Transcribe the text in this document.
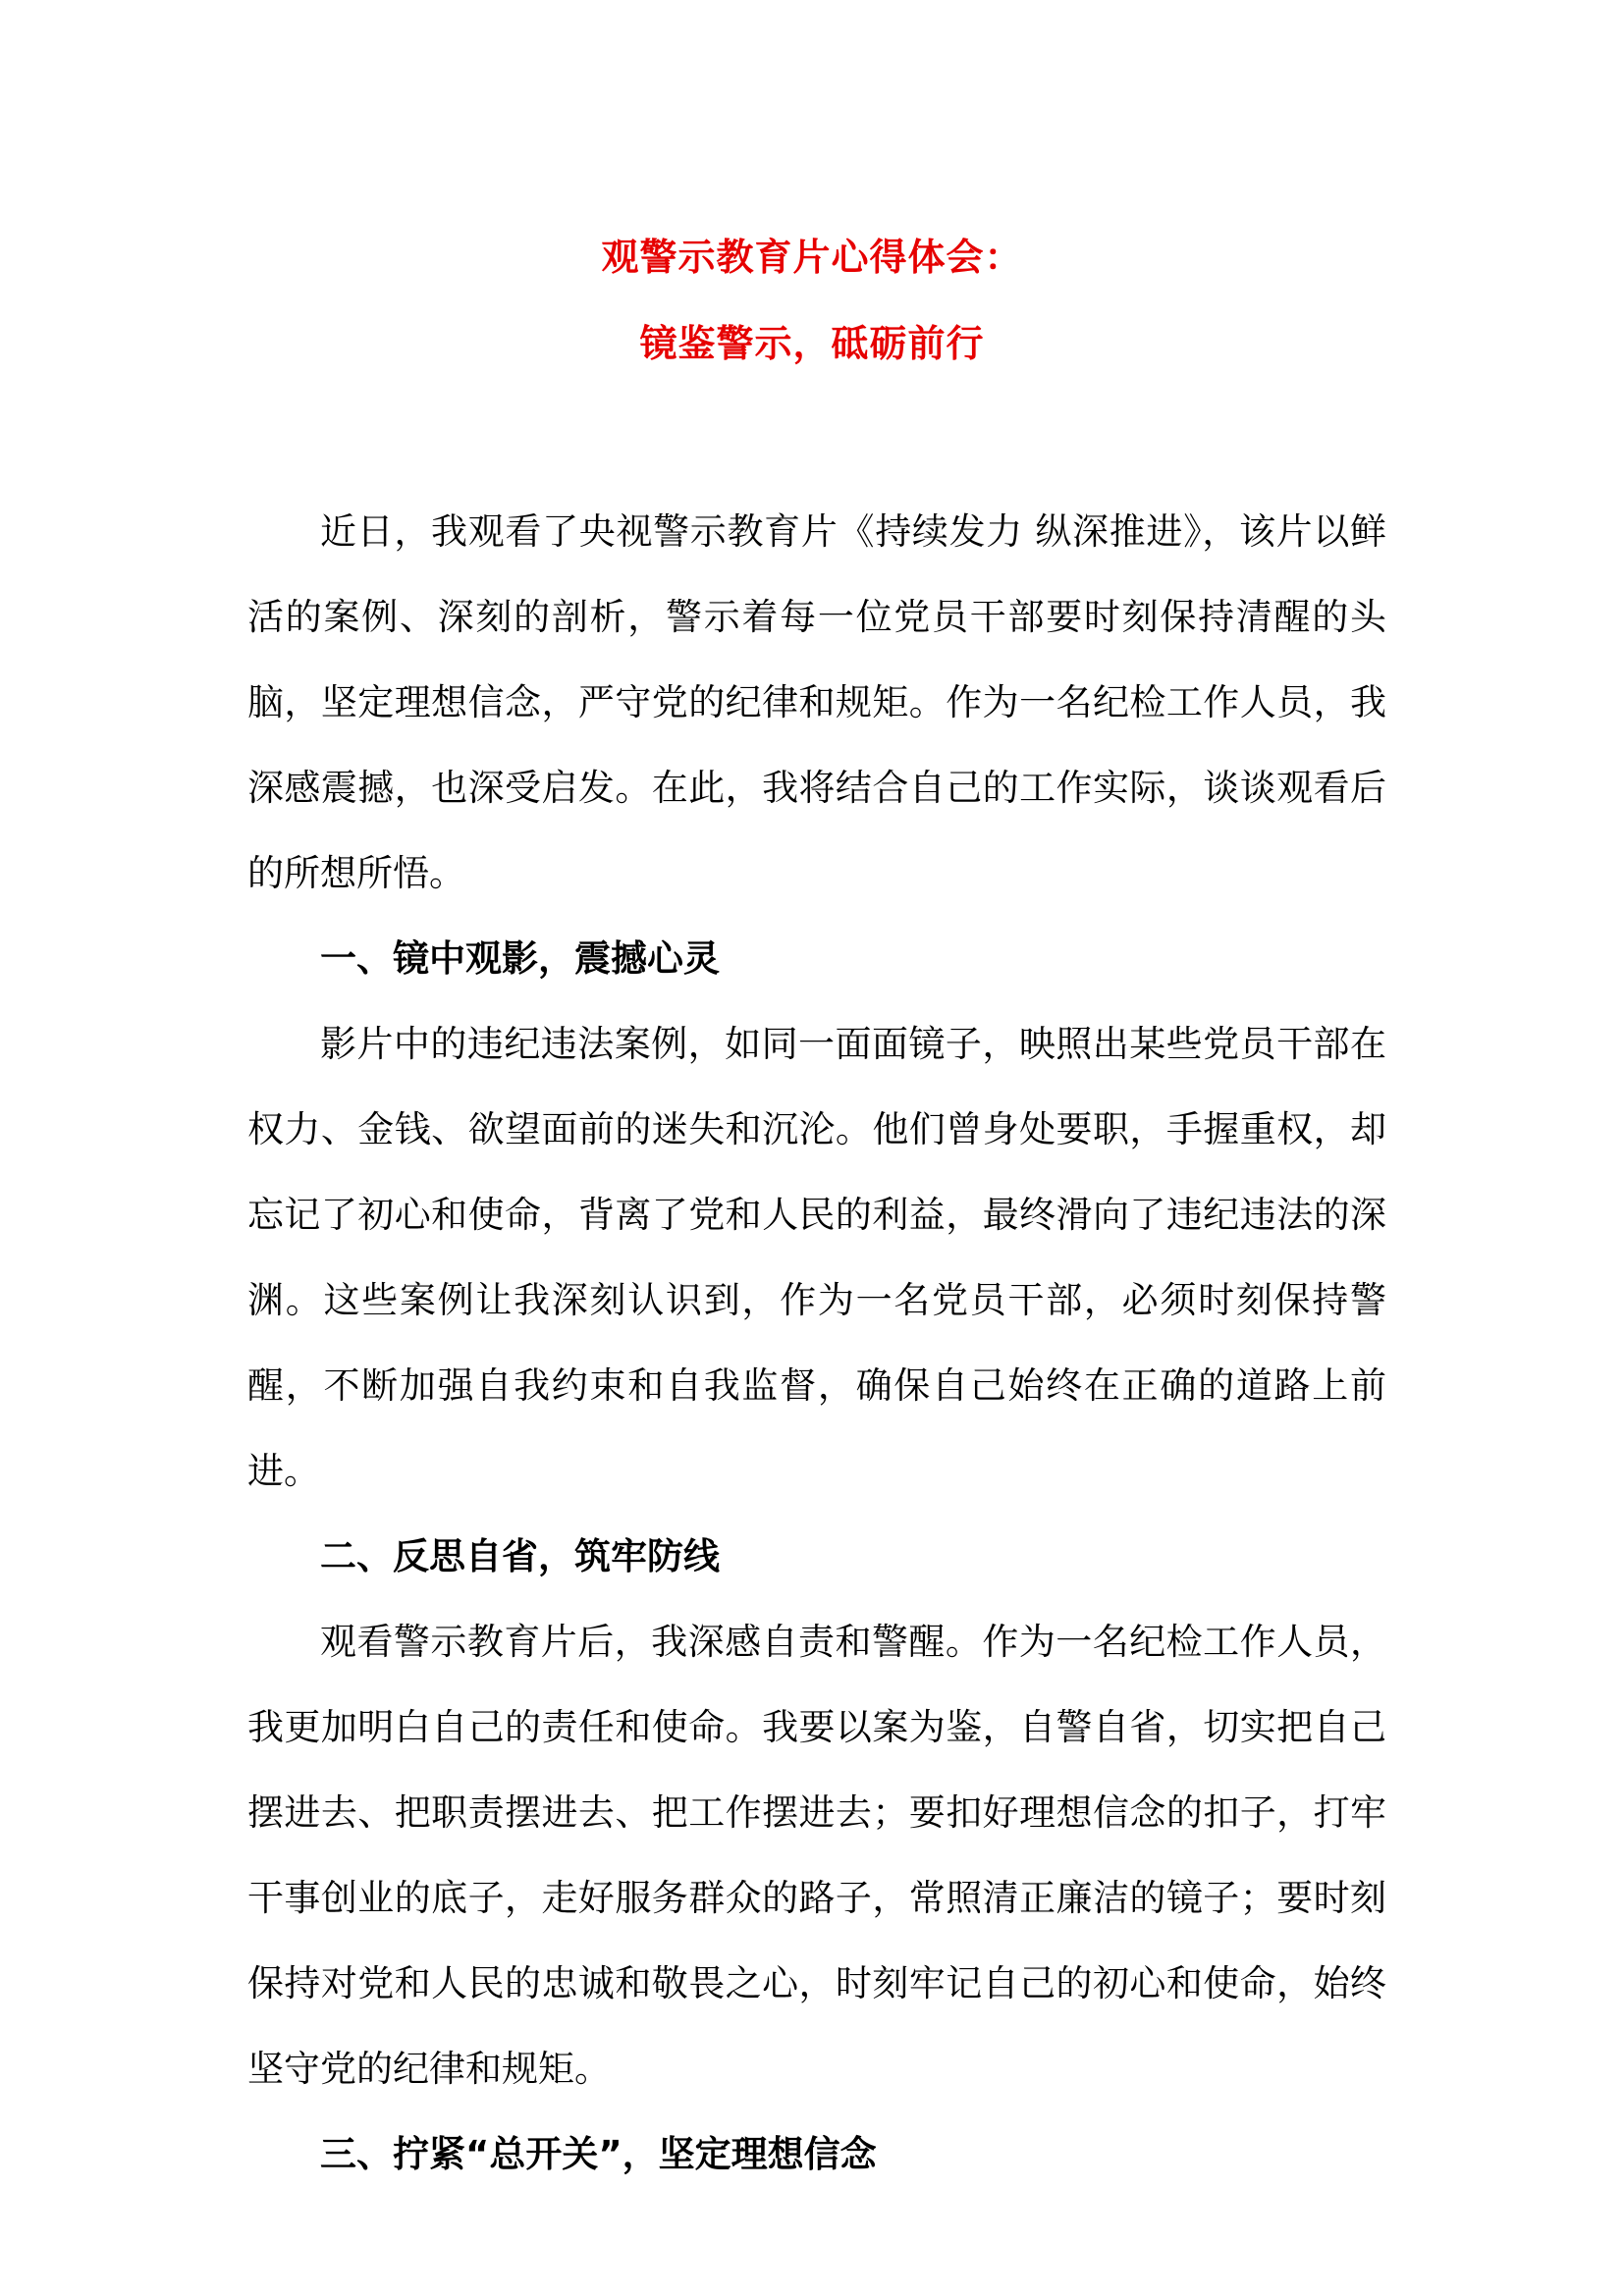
观警示教育片心得体会：
镜鉴警示，砥砺前行

近日，我观看了央视警示教育片《持续发力 纵深推进》，该片以鲜活的案例、深刻的剖析，警示着每一位党员干部要时刻保持清醒的头脑，坚定理想信念，严守党的纪律和规矩。作为一名纪检工作人员，我深感震撼，也深受启发。在此，我将结合自己的工作实际，谈谈观看后的所想所悟。

一、镜中观影，震撼心灵

影片中的违纪违法案例，如同一面面镜子，映照出某些党员干部在权力、金钱、欲望面前的迷失和沉沦。他们曾身处要职，手握重权，却忘记了初心和使命，背离了党和人民的利益，最终滑向了违纪违法的深渊。这些案例让我深刻认识到，作为一名党员干部，必须时刻保持警醒，不断加强自我约束和自我监督，确保自己始终在正确的道路上前进。

二、反思自省，筑牢防线

观看警示教育片后，我深感自责和警醒。作为一名纪检工作人员，我更加明白自己的责任和使命。我要以案为鉴，自警自省，切实把自己摆进去、把职责摆进去、把工作摆进去；要扣好理想信念的扣子，打牢干事创业的底子，走好服务群众的路子，常照清正廉洁的镜子；要时刻保持对党和人民的忠诚和敬畏之心，时刻牢记自己的初心和使命，始终坚守党的纪律和规矩。

三、拧紧“总开关”，坚定理想信念
